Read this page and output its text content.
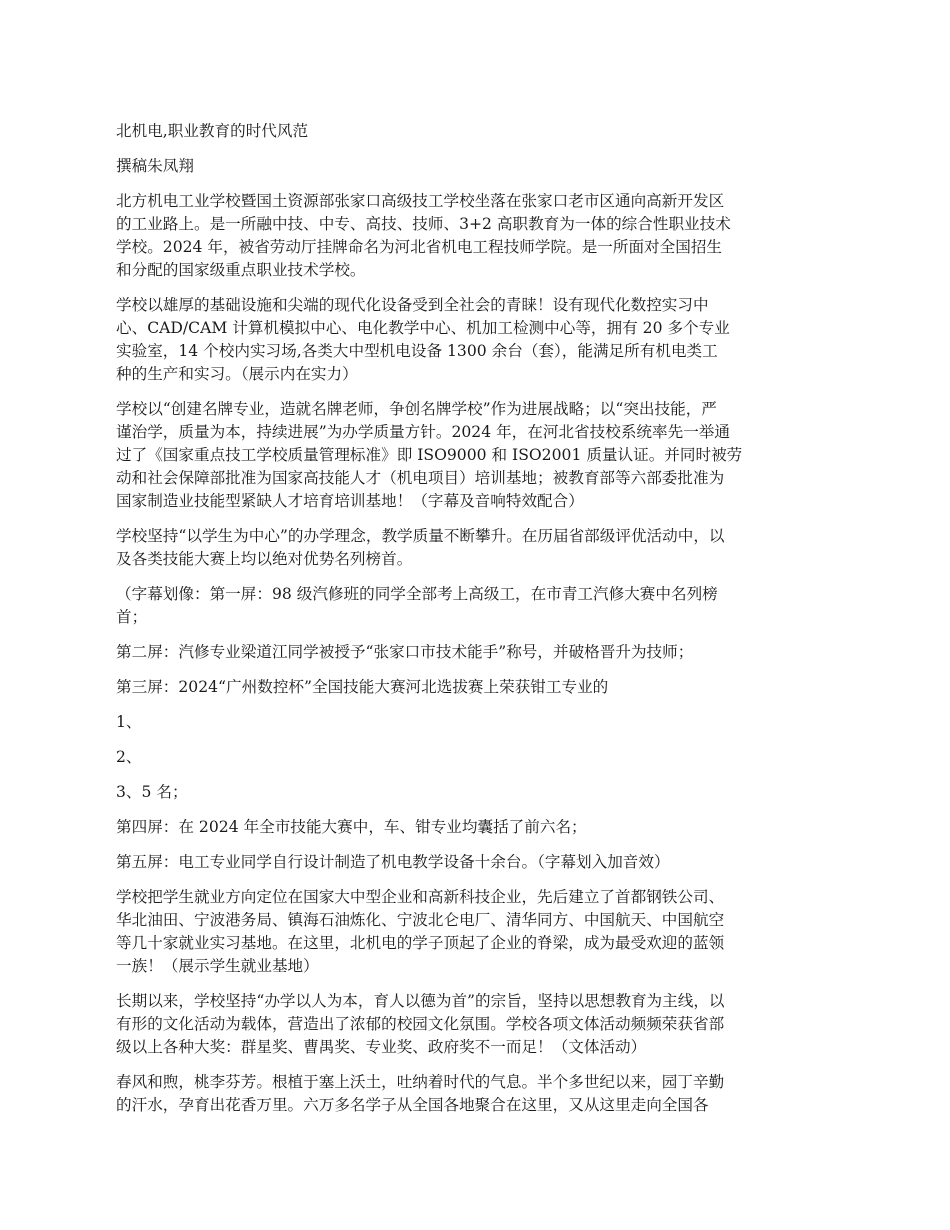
北机电,职业教育的时代风范

撰稿朱凤翔

北方机电工业学校暨国土资源部张家口高级技工学校坐落在张家口老市区通向高新开发区
的工业路上。是一所融中技、中专、高技、技师、3+2 高职教育为一体的综合性职业技术
学校。2024 年，被省劳动厅挂牌命名为河北省机电工程技师学院。是一所面对全国招生
和分配的国家级重点职业技术学校。

学校以雄厚的基础设施和尖端的现代化设备受到全社会的青睐！设有现代化数控实习中
心、CAD/CAM 计算机模拟中心、电化教学中心、机加工检测中心等，拥有 20 多个专业
实验室，14 个校内实习场,各类大中型机电设备 1300 余台（套），能满足所有机电类工
种的生产和实习。（展示内在实力）

学校以“创建名牌专业，造就名牌老师，争创名牌学校”作为进展战略；以“突出技能，严
谨治学，质量为本，持续进展”为办学质量方针。2024 年，在河北省技校系统率先一举通
过了《国家重点技工学校质量管理标准》即 ISO9000 和 ISO2001 质量认证。并同时被劳
动和社会保障部批准为国家高技能人才（机电项目）培训基地；被教育部等六部委批准为
国家制造业技能型紧缺人才培育培训基地！（字幕及音响特效配合）

学校坚持“以学生为中心”的办学理念，教学质量不断攀升。在历届省部级评优活动中，以
及各类技能大赛上均以绝对优势名列榜首。

（字幕划像：第一屏：98 级汽修班的同学全部考上高级工，在市青工汽修大赛中名列榜
首；

第二屏：汽修专业梁道江同学被授予“张家口市技术能手”称号，并破格晋升为技师；

第三屏：2024“广州数控杯”全国技能大赛河北选拔赛上荣获钳工专业的

1、

2、

3、5 名；

第四屏：在 2024 年全市技能大赛中，车、钳专业均囊括了前六名；

第五屏：电工专业同学自行设计制造了机电教学设备十余台。（字幕划入加音效）

学校把学生就业方向定位在国家大中型企业和高新科技企业，先后建立了首都钢铁公司、
华北油田、宁波港务局、镇海石油炼化、宁波北仑电厂、清华同方、中国航天、中国航空
等几十家就业实习基地。在这里，北机电的学子顶起了企业的脊梁，成为最受欢迎的蓝领
一族！（展示学生就业基地）

长期以来，学校坚持“办学以人为本，育人以德为首”的宗旨，坚持以思想教育为主线，以
有形的文化活动为载体，营造出了浓郁的校园文化氛围。学校各项文体活动频频荣获省部
级以上各种大奖：群星奖、曹禺奖、专业奖、政府奖不一而足！（文体活动）

春风和煦，桃李芬芳。根植于塞上沃土，吐纳着时代的气息。半个多世纪以来，园丁辛勤
的汗水，孕育出花香万里。六万多名学子从全国各地聚合在这里，又从这里走向全国各
